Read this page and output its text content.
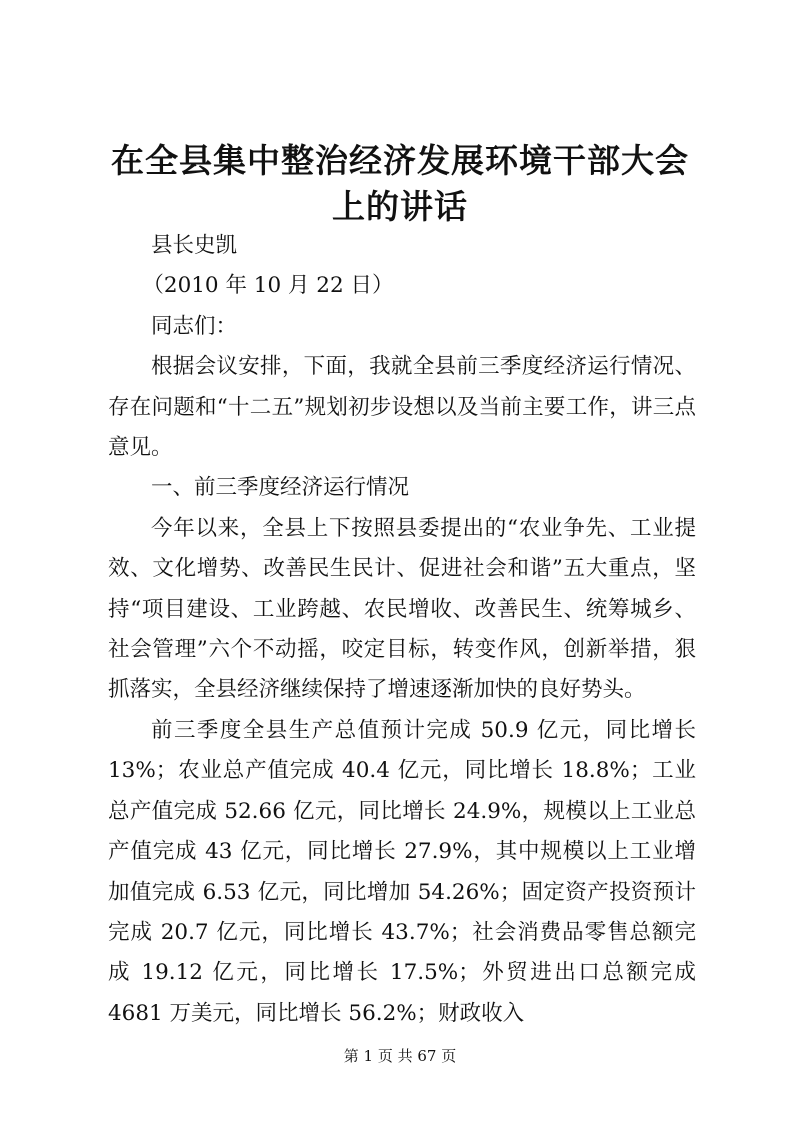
在全县集中整治经济发展环境干部大会上的讲话

县长史凯

（2010 年 10 月 22 日）

同志们：

根据会议安排，下面，我就全县前三季度经济运行情况、存在问题和“十二五”规划初步设想以及当前主要工作，讲三点意见。

一、前三季度经济运行情况

今年以来，全县上下按照县委提出的“农业争先、工业提效、文化增势、改善民生民计、促进社会和谐”五大重点，坚持“项目建设、工业跨越、农民增收、改善民生、统筹城乡、社会管理”六个不动摇，咬定目标，转变作风，创新举措，狠抓落实，全县经济继续保持了增速逐渐加快的良好势头。

前三季度全县生产总值预计完成 50.9 亿元，同比增长 13%；农业总产值完成 40.4 亿元，同比增长 18.8%；工业总产值完成 52.66 亿元，同比增长 24.9%，规模以上工业总产值完成 43 亿元，同比增长 27.9%，其中规模以上工业增加值完成 6.53 亿元，同比增加 54.26%；固定资产投资预计完成 20.7 亿元，同比增长 43.7%；社会消费品零售总额完成 19.12 亿元，同比增长 17.5%；外贸进出口总额完成 4681 万美元，同比增长 56.2%；财政收入

第 1 页 共 67 页
